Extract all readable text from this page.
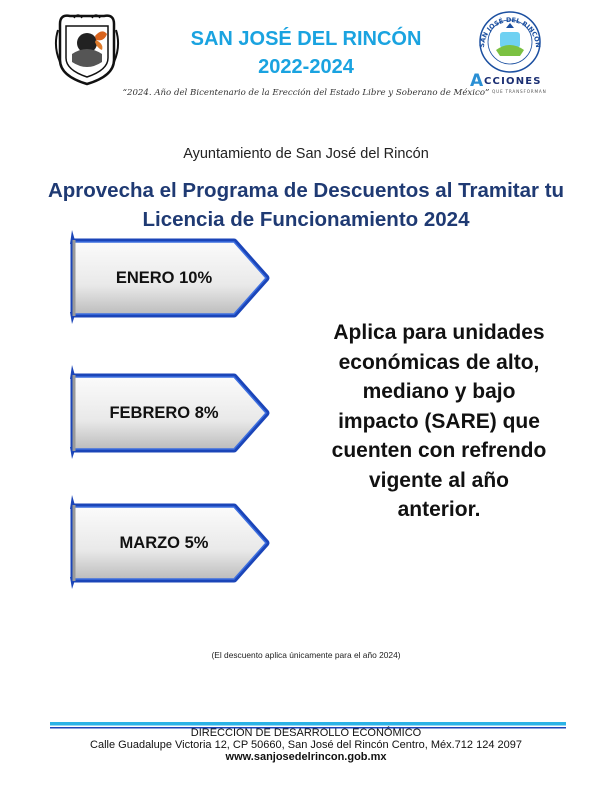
SAN JOSÉ DEL RINCÓN
2022-2024
SAN JOSÉ DEL RINCÓN
A CCIONES
QUE TRANSFORMAN
“2024. Año del Bicentenario de la Erección del Estado Libre y Soberano de México”
Ayuntamiento de San José del Rincón
Aprovecha el Programa de Descuentos al Tramitar tu
Licencia de Funcionamiento 2024
ENERO 10%
FEBRERO 8%
MARZO 5%
Aplica para unidades
económicas de alto,
mediano y bajo
impacto (SARE) que
cuenten con refrendo
vigente al año
anterior.
(El descuento aplica únicamente para el año 2024)
DIRECCION DE DESARROLLO ECONÓMICO
Calle Guadalupe Victoria 12, CP 50660, San José del Rincón Centro, Méx.712 124 2097
www.sanjosedelrincon.gob.mx
